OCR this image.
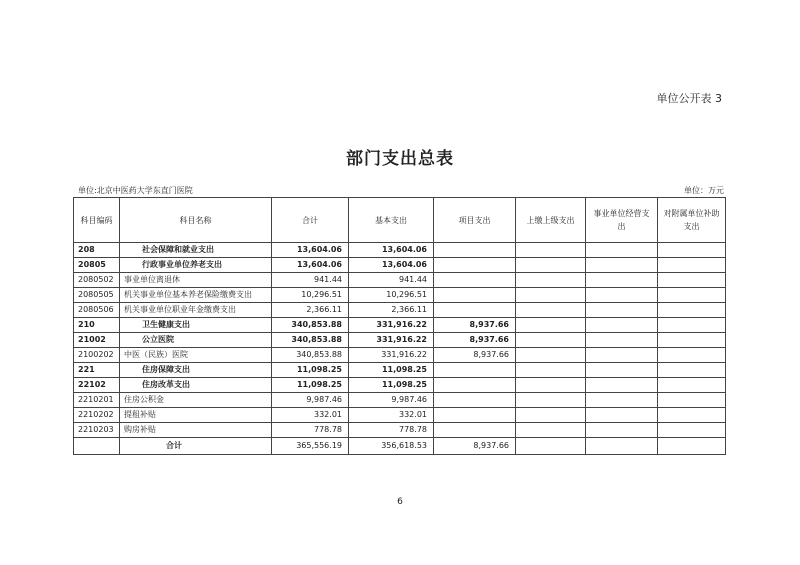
单位公开表 3
部门支出总表
单位:北京中医药大学东直门医院	单位：万元
科目编码	科目名称	合计	基本支出	项目支出	上缴上级支出	事业单位经营支出	对附属单位补助支出
208	社会保障和就业支出	13,604.06	13,604.06				
20805	行政事业单位养老支出	13,604.06	13,604.06				
2080502	事业单位离退休	941.44	941.44				
2080505	机关事业单位基本养老保险缴费支出	10,296.51	10,296.51				
2080506	机关事业单位职业年金缴费支出	2,366.11	2,366.11				
210	卫生健康支出	340,853.88	331,916.22	8,937.66			
21002	公立医院	340,853.88	331,916.22	8,937.66			
2100202	中医（民族）医院	340,853.88	331,916.22	8,937.66			
221	住房保障支出	11,098.25	11,098.25				
22102	住房改革支出	11,098.25	11,098.25				
2210201	住房公积金	9,987.46	9,987.46				
2210202	提租补贴	332.01	332.01				
2210203	购房补贴	778.78	778.78				
	合计	365,556.19	356,618.53	8,937.66			
6
